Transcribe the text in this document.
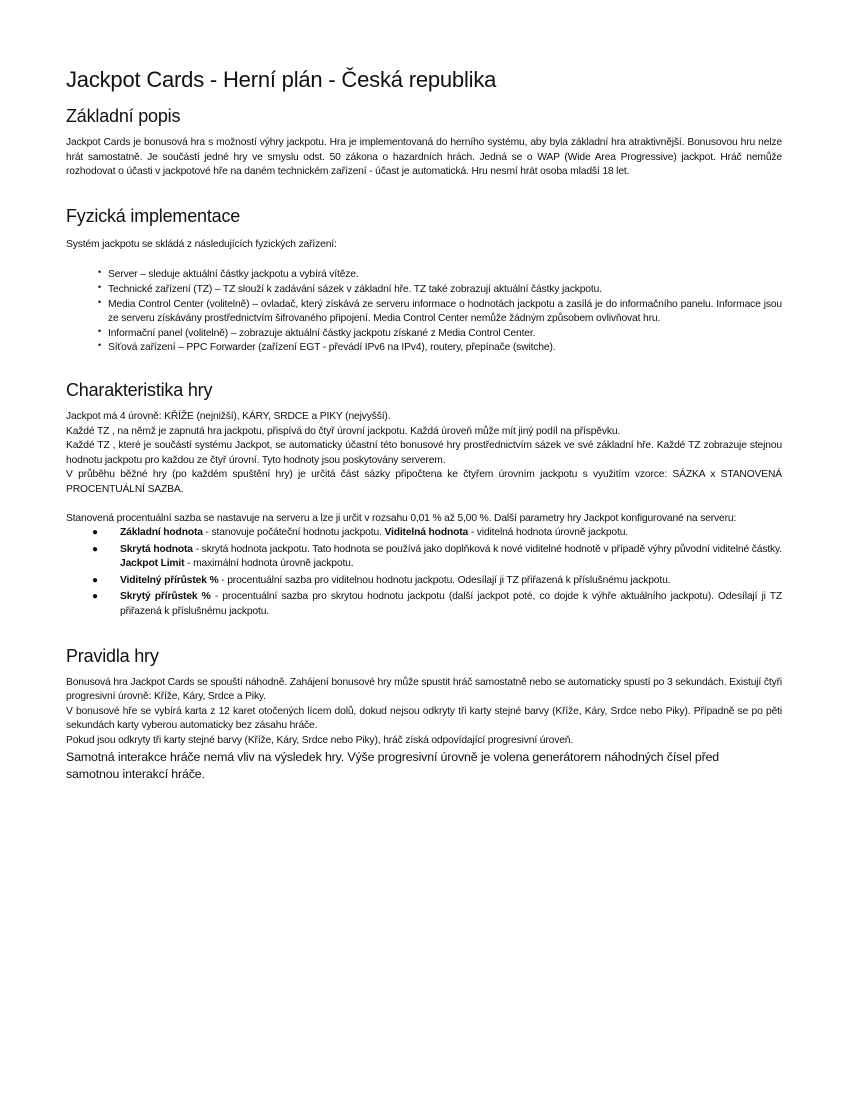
Jackpot Cards - Herní plán - Česká republika
Základní popis

Jackpot Cards je bonusová hra s možností výhry jackpotu. Hra je implementovaná do herního systému, aby byla základní hra atraktivnější. Bonusovou hru nelze hrát samostatně. Je součástí jedné hry ve smyslu odst. 50 zákona o hazardních hrách. Jedná se o WAP (Wide Area Progressive) jackpot. Hráč nemůže rozhodovat o účasti v jackpotové hře na daném technickém zařízení - účast je automatická. Hru nesmí hrát osoba mladší 18 let.

Fyzická implementace

Systém jackpotu se skládá z následujících fyzických zařízení:

• Server – sleduje aktuální částky jackpotu a vybírá vítěze.
• Technické zařízení (TZ) – TZ slouží k zadávání sázek v základní hře. TZ také zobrazují aktuální částky jackpotu.
• Media Control Center (volitelně) – ovladač, který získává ze serveru informace o hodnotách jackpotu a zasílá je do informačního panelu. Informace jsou ze serveru získávány prostřednictvím šifrovaného připojení. Media Control Center nemůže žádným způsobem ovlivňovat hru.
• Informační panel (volitelně) – zobrazuje aktuální částky jackpotu získané z Media Control Center.
• Síťová zařízení – PPC Forwarder (zařízení EGT - převádí IPv6 na IPv4), routery, přepínače (switche).
Charakteristika hry

Jackpot má 4 úrovně: KŘÍŽE (nejnižší), KÁRY, SRDCE a PIKY (nejvyšší).

Každé TZ , na němž je zapnutá hra jackpotu, přispívá do čtyř úrovní jackpotu. Každá úroveň může mít jiný podíl na příspěvku.

Každé TZ , které je součástí systému Jackpot, se automaticky účastní této bonusové hry prostřednictvím sázek ve své základní hře. Každé TZ zobrazuje stejnou hodnotu jackpotu pro každou ze čtyř úrovní. Tyto hodnoty jsou poskytovány serverem.

V průběhu běžné hry (po každém spuštění hry) je určitá část sázky připočtena ke čtyřem úrovním jackpotu s využitím vzorce: SÁZKA x STANOVENÁ PROCENTUÁLNÍ SAZBA.

Stanovená procentuální sazba se nastavuje na serveru a lze ji určit v rozsahu 0,01 % až 5,00 %. Další parametry hry Jackpot konfigurované na serveru:

● Základní hodnota - stanovuje počáteční hodnotu jackpotu. Viditelná hodnota - viditelná hodnota úrovně jackpotu.
● Skrytá hodnota - skrytá hodnota jackpotu. Tato hodnota se používá jako doplňková k nové viditelné hodnotě v případě výhry původní viditelné částky. Jackpot Limit - maximální hodnota úrovně jackpotu.
● Viditelný přírůstek % - procentuální sazba pro viditelnou hodnotu jackpotu. Odesílají ji TZ přiřazená k příslušnému jackpotu.
● Skrytý přírůstek % - procentuální sazba pro skrytou hodnotu jackpotu (další jackpot poté, co dojde k výhře aktuálního jackpotu). Odesílají ji TZ přiřazená k příslušnému jackpotu.
Pravidla hry

Bonusová hra Jackpot Cards se spouští náhodně. Zahájení bonusové hry může spustit hráč samostatně nebo se automaticky spustí po 3 sekundách. Existují čtyři progresivní úrovně: Kříže, Káry, Srdce a Piky.

V bonusové hře se vybírá karta z 12 karet otočených lícem dolů, dokud nejsou odkryty tři karty stejné barvy (Kříže, Káry, Srdce nebo Piky). Případně se po pěti sekundách karty vyberou automaticky bez zásahu hráče.

Pokud jsou odkryty tři karty stejné barvy (Kříže, Káry, Srdce nebo Piky), hráč získá odpovídající progresivní úroveň.

Samotná interakce hráče nemá vliv na výsledek hry. Výše progresivní úrovně je volena generátorem náhodných čísel před samotnou interakcí hráče.
